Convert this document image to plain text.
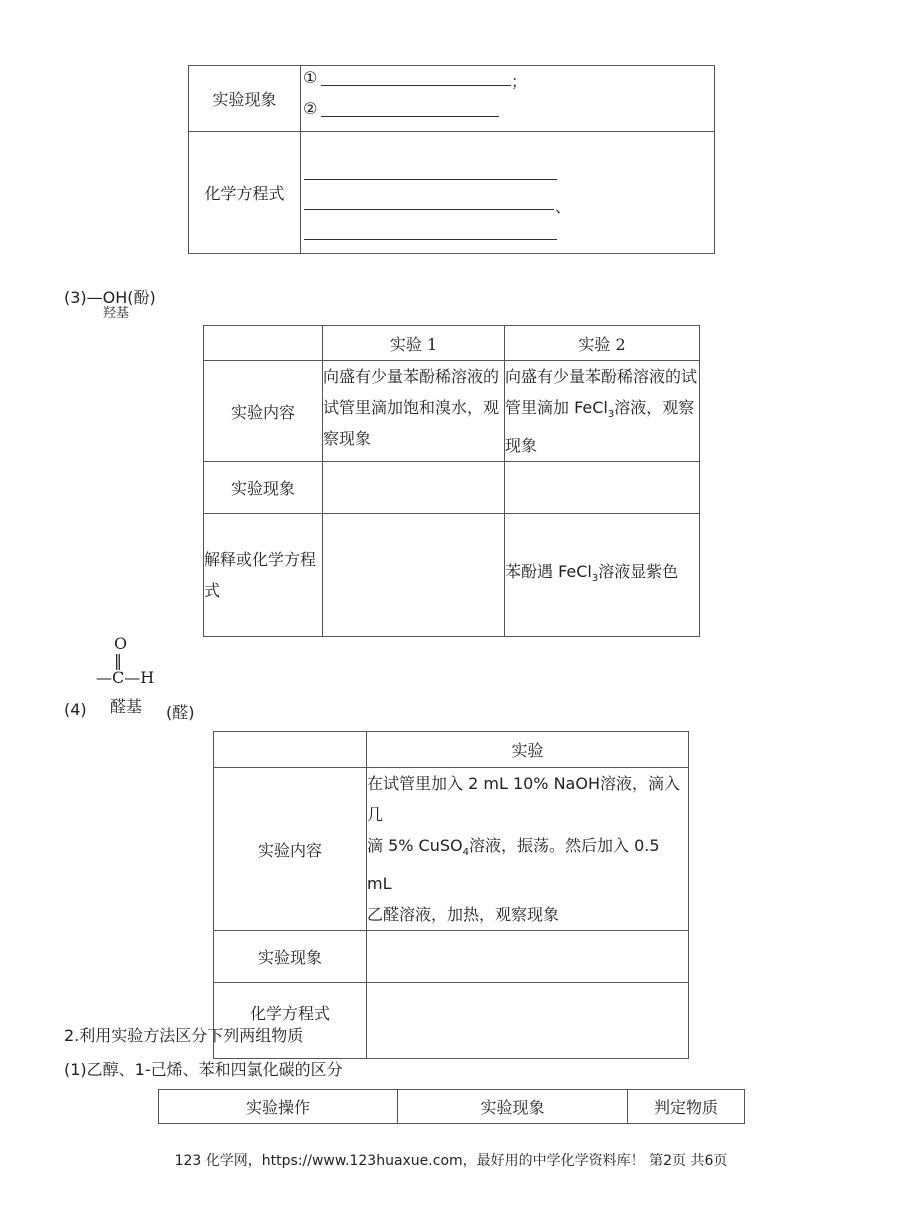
实验现象	① ；
②

化学方程式	、
(3)—OH(酚)
羟基
	实验 1	实验 2
实验内容	向盛有少量苯酚稀溶液的试管里滴加饱和溴水，观察现象	向盛有少量苯酚稀溶液的试管里滴加 FeCl$_3$溶液，观察现象
实验现象		
解释或化学方程式		苯酚遇 FeCl$_3$溶液显紫色
O
‖
—C—H
(4) 醛基 (醛)
	实验
实验内容	在试管里加入 2 mL 10% NaOH溶液，滴入几
滴 5% CuSO$_4$溶液，振荡。然后加入 0.5 mL
乙醛溶液，加热，观察现象

实验现象	
化学方程式	
2.利用实验方法区分下列两组物质
(1)乙醇、1-己烯、苯和四氯化碳的区分
实验操作	实验现象	判定物质
123 化学网，https://www.123huaxue.com，最好用的中学化学资料库！ 第2页 共6页
